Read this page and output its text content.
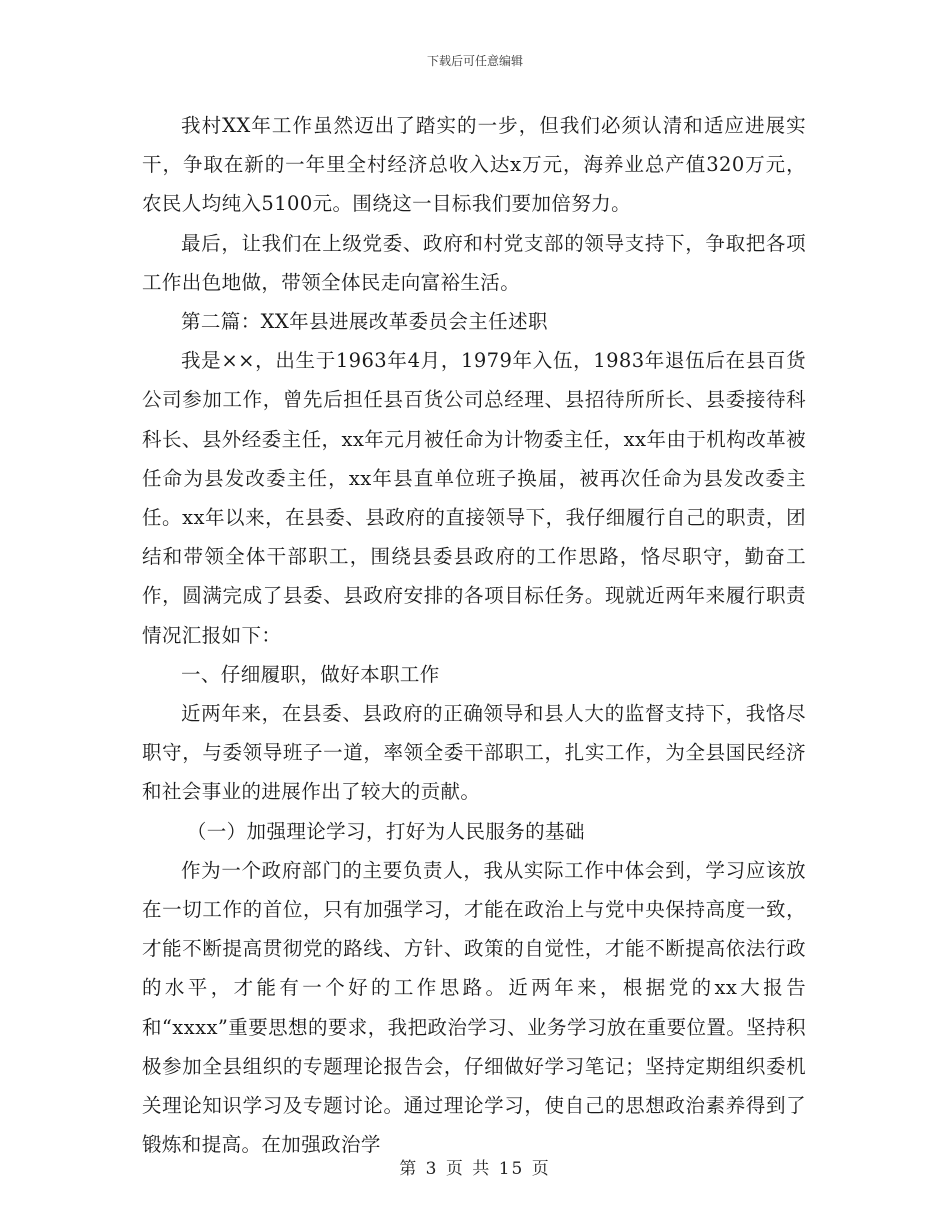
下载后可任意编辑

我村XX年工作虽然迈出了踏实的一步，但我们必须认清和适应进展实干，争取在新的一年里全村经济总收入达x万元，海养业总产值320万元，农民人均纯入5100元。围绕这一目标我们要加倍努力。

最后，让我们在上级党委、政府和村党支部的领导支持下，争取把各项工作出色地做，带领全体民走向富裕生活。

第二篇：XX年县进展改革委员会主任述职

我是××，出生于1963年4月，1979年入伍，1983年退伍后在县百货公司参加工作，曾先后担任县百货公司总经理、县招待所所长、县委接待科科长、县外经委主任，xx年元月被任命为计物委主任，xx年由于机构改革被任命为县发改委主任，xx年县直单位班子换届，被再次任命为县发改委主任。xx年以来，在县委、县政府的直接领导下，我仔细履行自己的职责，团结和带领全体干部职工，围绕县委县政府的工作思路，恪尽职守，勤奋工作，圆满完成了县委、县政府安排的各项目标任务。现就近两年来履行职责情况汇报如下：

一、仔细履职，做好本职工作

近两年来，在县委、县政府的正确领导和县人大的监督支持下，我恪尽职守，与委领导班子一道，率领全委干部职工，扎实工作，为全县国民经济和社会事业的进展作出了较大的贡献。

（一）加强理论学习，打好为人民服务的基础

作为一个政府部门的主要负责人，我从实际工作中体会到，学习应该放在一切工作的首位，只有加强学习，才能在政治上与党中央保持高度一致，才能不断提高贯彻党的路线、方针、政策的自觉性，才能不断提高依法行政的水平，才能有一个好的工作思路。近两年来，根据党的xx大报告和“xxxx”重要思想的要求，我把政治学习、业务学习放在重要位置。坚持积极参加全县组织的专题理论报告会，仔细做好学习笔记；坚持定期组织委机关理论知识学习及专题讨论。通过理论学习，使自己的思想政治素养得到了锻炼和提高。在加强政治学

第 3 页 共 15 页
